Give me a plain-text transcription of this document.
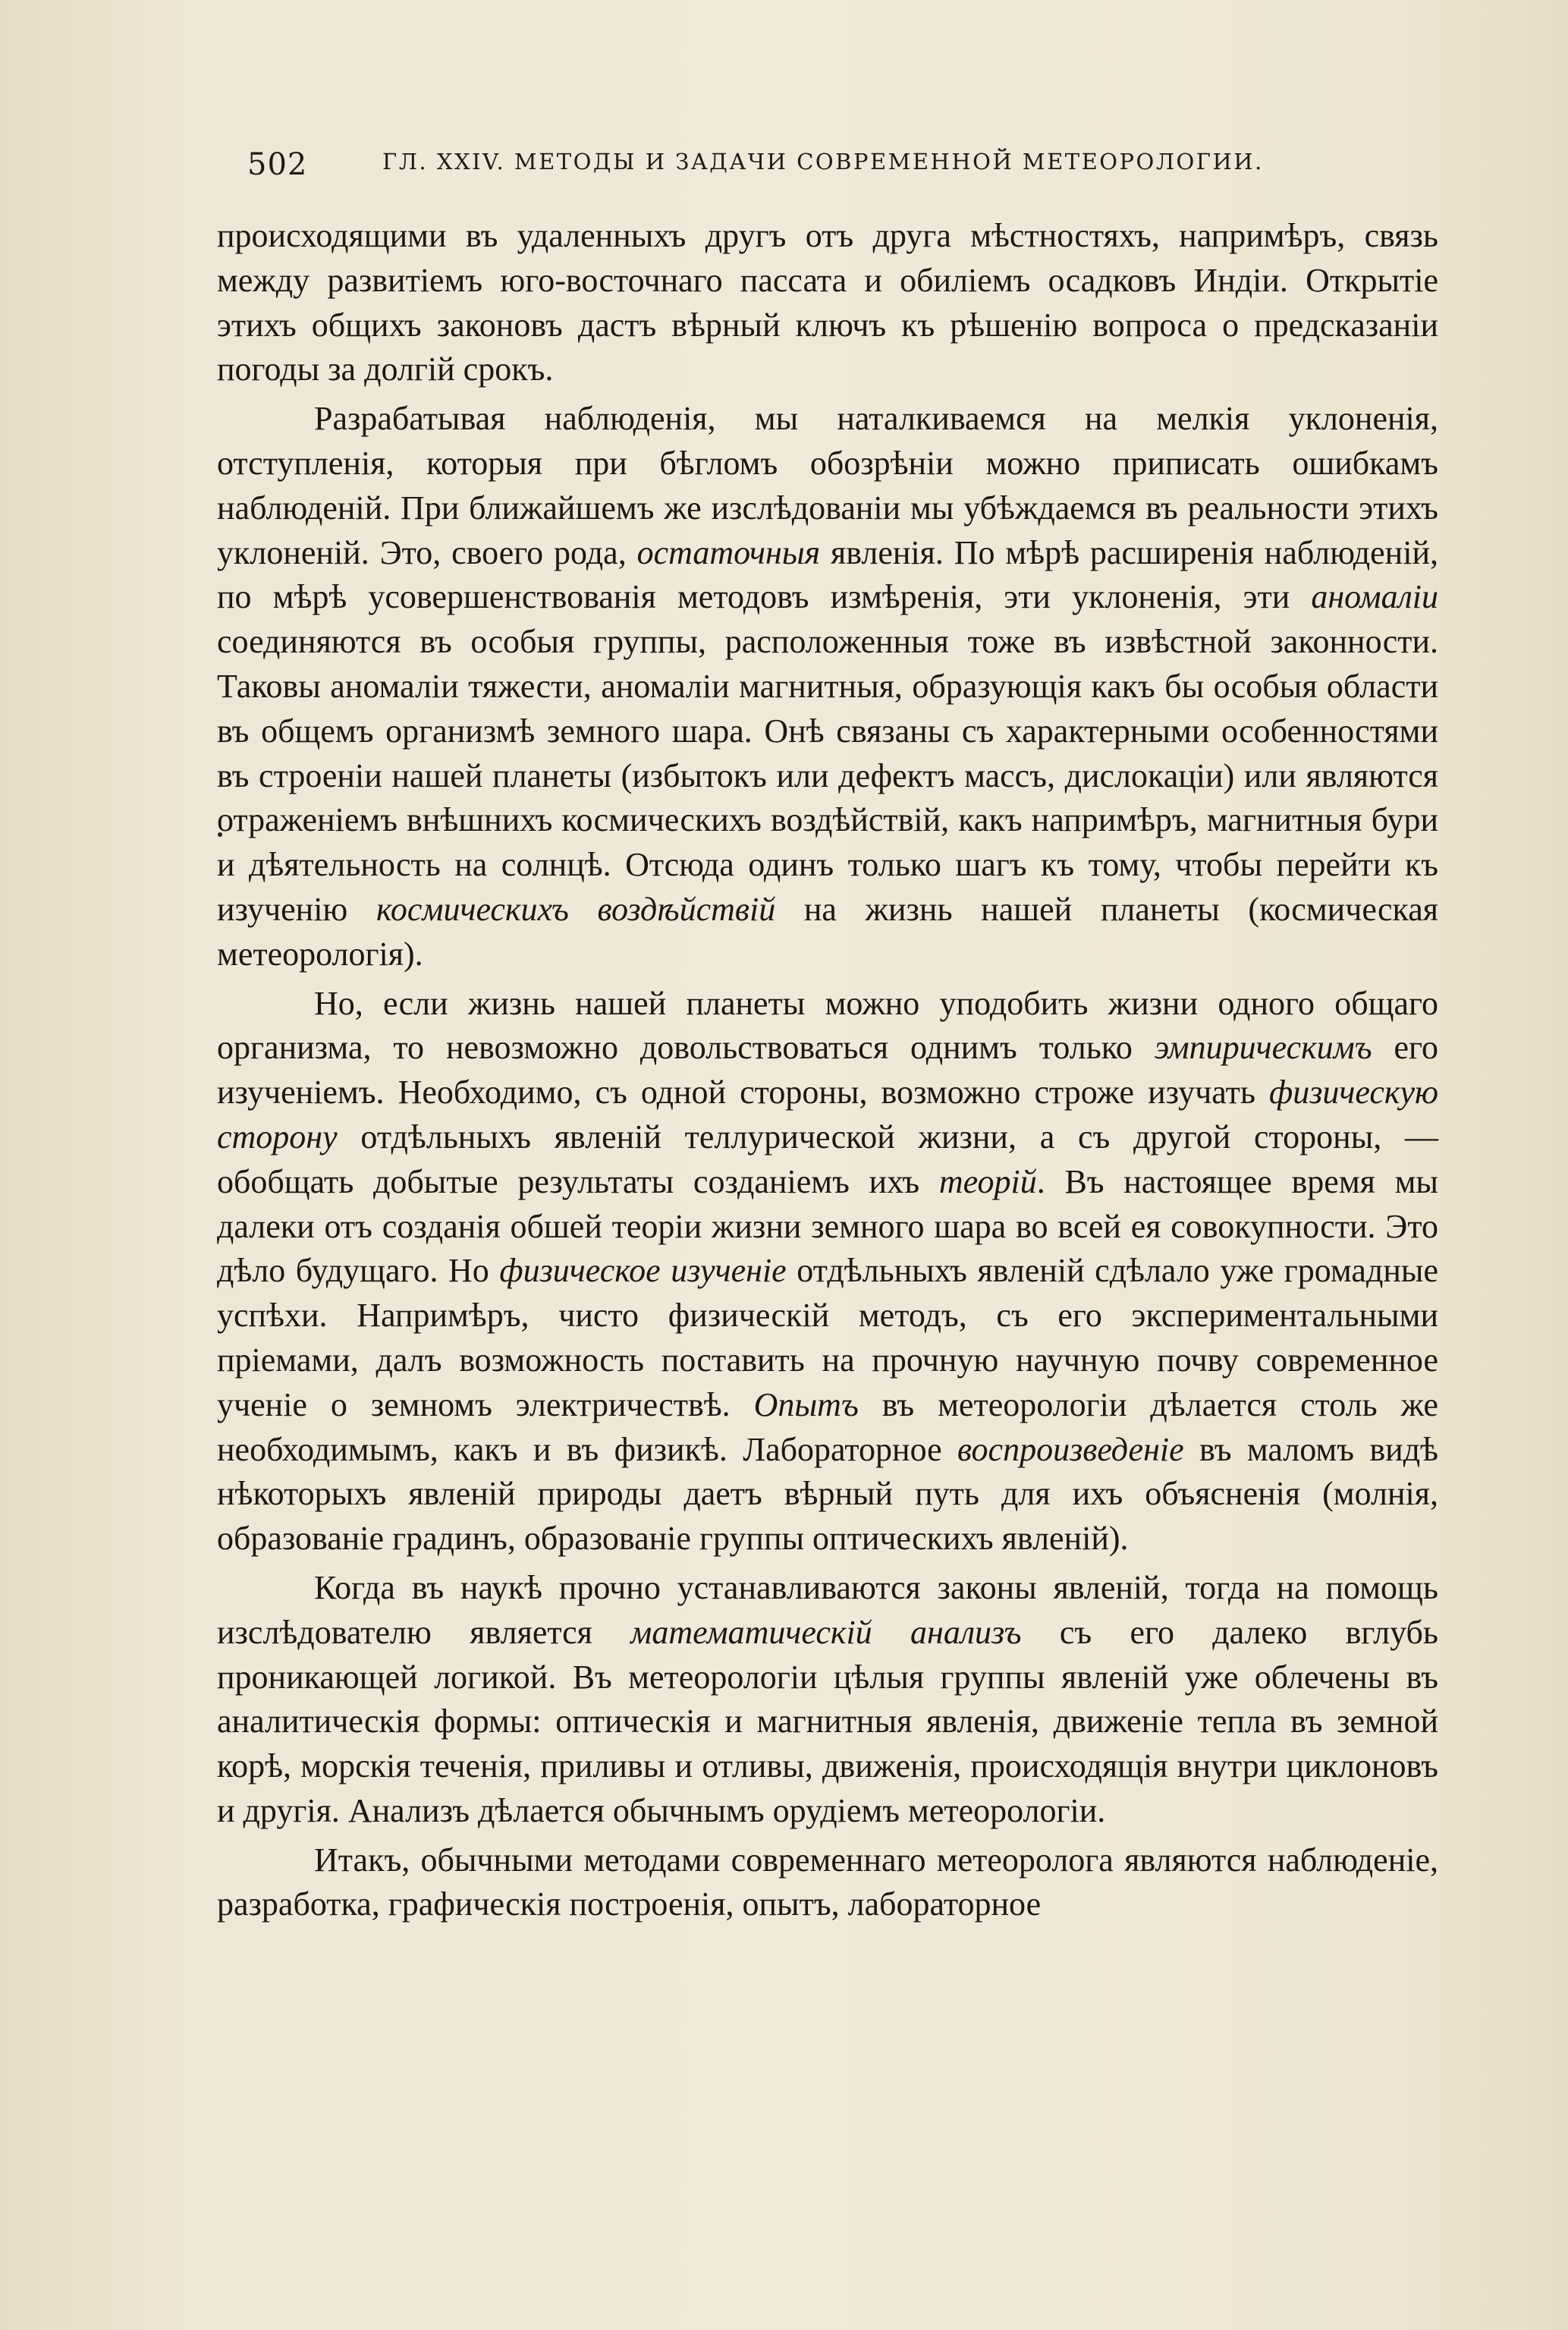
502	ГЛ. XXIV. МЕТОДЫ И ЗАДАЧИ СОВРЕМЕННОЙ МЕТЕОРОЛОГИИ.

происходящими въ удаленныхъ другъ отъ друга мѣстностяхъ, напримѣръ, связь между развитіемъ юго-восточнаго пассата и обиліемъ осадковъ Индіи. Открытіе этихъ общихъ законовъ дастъ вѣрный ключъ къ рѣшенію вопроса о предсказаніи погоды за долгій срокъ.

Разрабатывая наблюденія, мы наталкиваемся на мелкія уклоненія, отступленія, которыя при бѣгломъ обозрѣніи можно приписать ошибкамъ наблюденій. При ближайшемъ же изслѣдованіи мы убѣждаемся въ реальности этихъ уклоненій. Это, своего рода, остаточныя явленія. По мѣрѣ расширенія наблюденій, по мѣрѣ усовершенствованія методовъ измѣренія, эти уклоненія, эти аномаліи соединяются въ особыя группы, расположенныя тоже въ извѣстной законности. Таковы аномаліи тяжести, аномаліи магнитныя, образующія какъ бы особыя области въ общемъ организмѣ земного шара. Онѣ связаны съ характерными особенностями въ строеніи нашей планеты (избытокъ или дефектъ массъ, дислокаціи) или являются отраженіемъ внѣшнихъ космическихъ воздѣйствій, какъ напримѣръ, магнитныя бури и дѣятельность на солнцѣ. Отсюда одинъ только шагъ къ тому, чтобы перейти къ изученію космическихъ воздѣйствій на жизнь нашей планеты (космическая метеорологія).

Но, если жизнь нашей планеты можно уподобить жизни одного общаго организма, то невозможно довольствоваться однимъ только эмпирическимъ его изученіемъ. Необходимо, съ одной стороны, возможно строже изучать физическую сторону отдѣльныхъ явленій теллурической жизни, а съ другой стороны, — обобщать добытые результаты созданіемъ ихъ теорій. Въ настоящее время мы далеки отъ созданія обшей теоріи жизни земного шара во всей ея совокупности. Это дѣло будущаго. Но физическое изученіе отдѣльныхъ явленій сдѣлало уже громадные успѣхи. Напримѣръ, чисто физическій методъ, съ его экспериментальными пріемами, далъ возможность поставить на прочную научную почву современное ученіе о земномъ электричествѣ. Опытъ въ метеорологіи дѣлается столь же необходимымъ, какъ и въ физикѣ. Лабораторное воспроизведеніе въ маломъ видѣ нѣкоторыхъ явленій природы даетъ вѣрный путь для ихъ объясненія (молнія, образованіе градинъ, образованіе группы оптическихъ явленій).

Когда въ наукѣ прочно устанавливаются законы явленій, тогда на помощь изслѣдователю является математическій анализъ съ его далеко вглубь проникающей логикой. Въ метеорологіи цѣлыя группы явленій уже облечены въ аналитическія формы: оптическія и магнитныя явленія, движеніе тепла въ земной корѣ, морскія теченія, приливы и отливы, движенія, происходящія внутри циклоновъ и другія. Анализъ дѣлается обычнымъ орудіемъ метеорологіи.

Итакъ, обычными методами современнаго метеоролога являются наблюденіе, разработка, графическія построенія, опытъ, лабораторное
